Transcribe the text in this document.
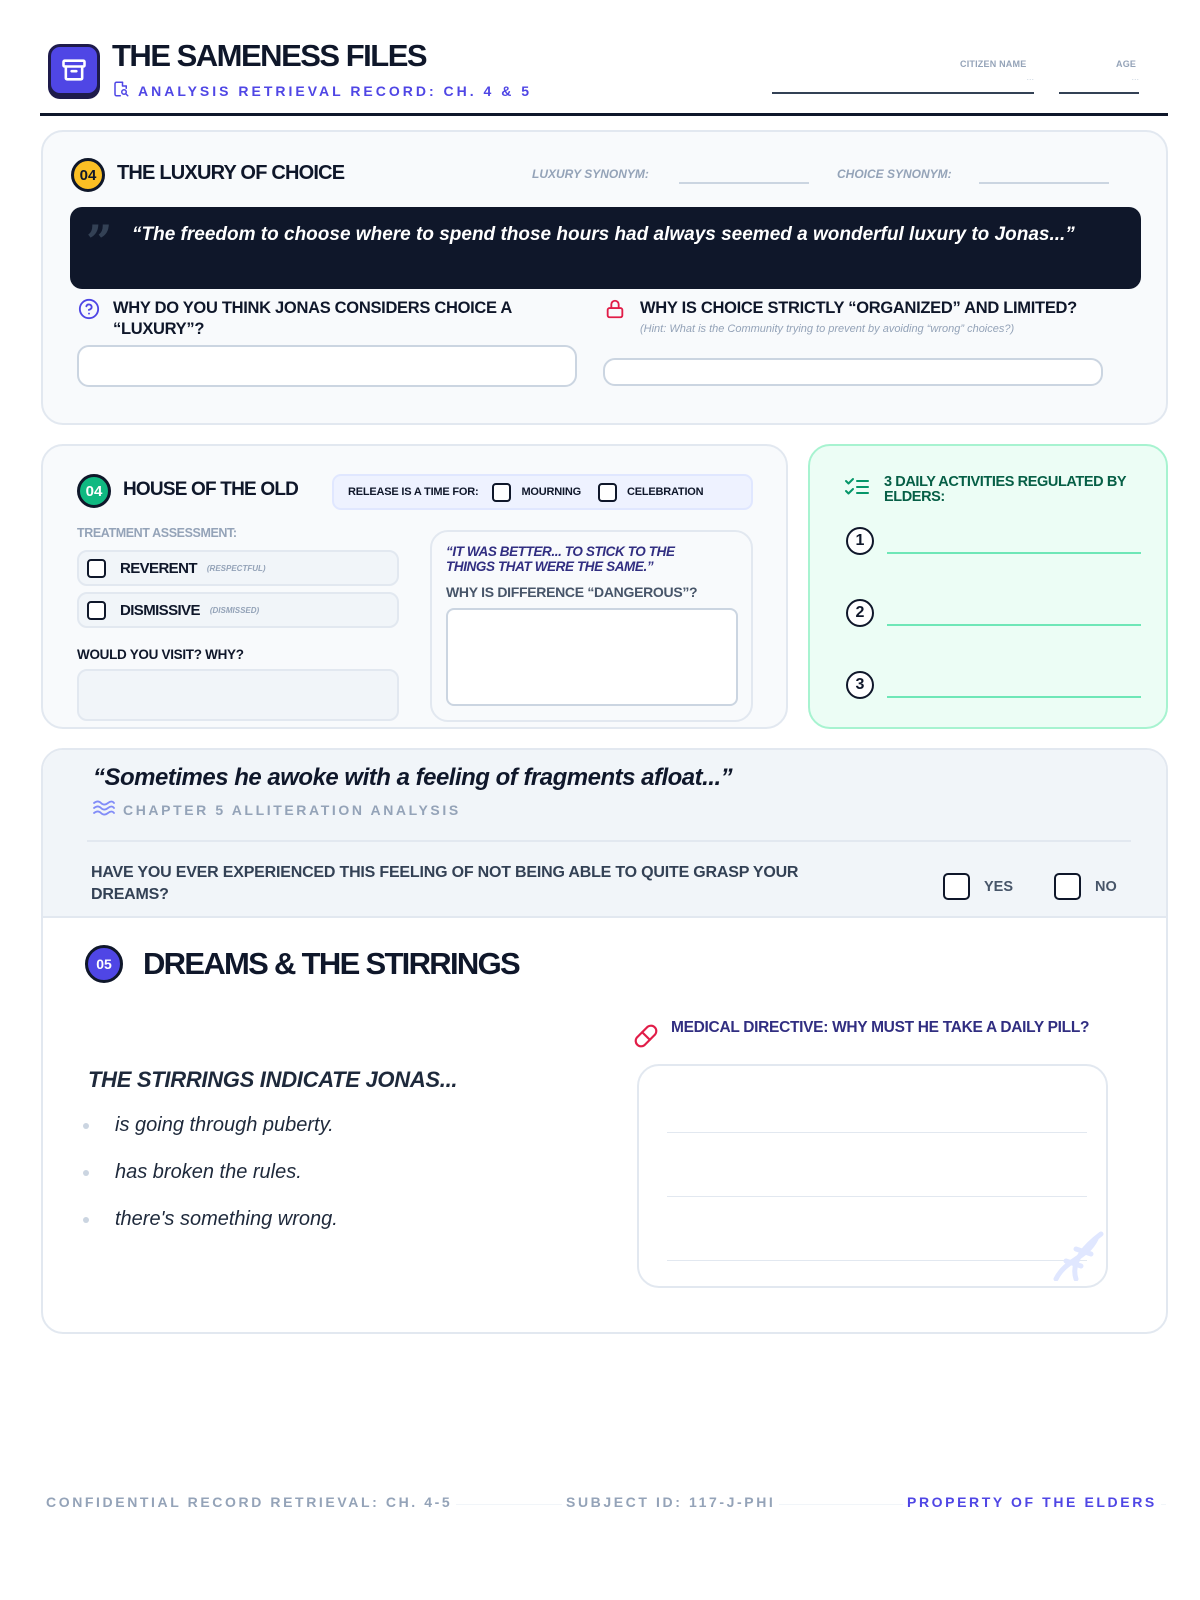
THE SAMENESS FILES
ANALYSIS RETRIEVAL RECORD: CH. 4 & 5
CITIZEN NAME
...
AGE
...
04	THE LUXURY OF CHOICE	LUXURY SYNONYM:	CHOICE SYNONYM:
” “The freedom to choose where to spend those hours had always seemed a wonderful luxury to Jonas...”
WHY DO YOU THINK JONAS CONSIDERS CHOICE A “LUXURY”?
WHY IS CHOICE STRICTLY “ORGANIZED” AND LIMITED?
(Hint: What is the Community trying to prevent by avoiding “wrong” choices?)
04	HOUSE OF THE OLD	RELEASE IS A TIME FOR:	MOURNING	CELEBRATION
TREATMENT ASSESSMENT:
REVERENT (RESPECTFUL)
DISMISSIVE (DISMISSED)
WOULD YOU VISIT? WHY?
“IT WAS BETTER... TO STICK TO THE THINGS THAT WERE THE SAME.”
WHY IS DIFFERENCE “DANGEROUS”?
3 DAILY ACTIVITIES REGULATED BY ELDERS:
1
2
3
“Sometimes he awoke with a feeling of fragments afloat...”
CHAPTER 5 ALLITERATION ANALYSIS
HAVE YOU EVER EXPERIENCED THIS FEELING OF NOT BEING ABLE TO QUITE GRASP YOUR DREAMS?	YES	NO
05	DREAMS & THE STIRRINGS
THE STIRRINGS INDICATE JONAS...
is going through puberty.
has broken the rules.
there's something wrong.
MEDICAL DIRECTIVE: WHY MUST HE TAKE A DAILY PILL?
CONFIDENTIAL RECORD RETRIEVAL: CH. 4-5	SUBJECT ID: 117-J-PHI	PROPERTY OF THE ELDERS
